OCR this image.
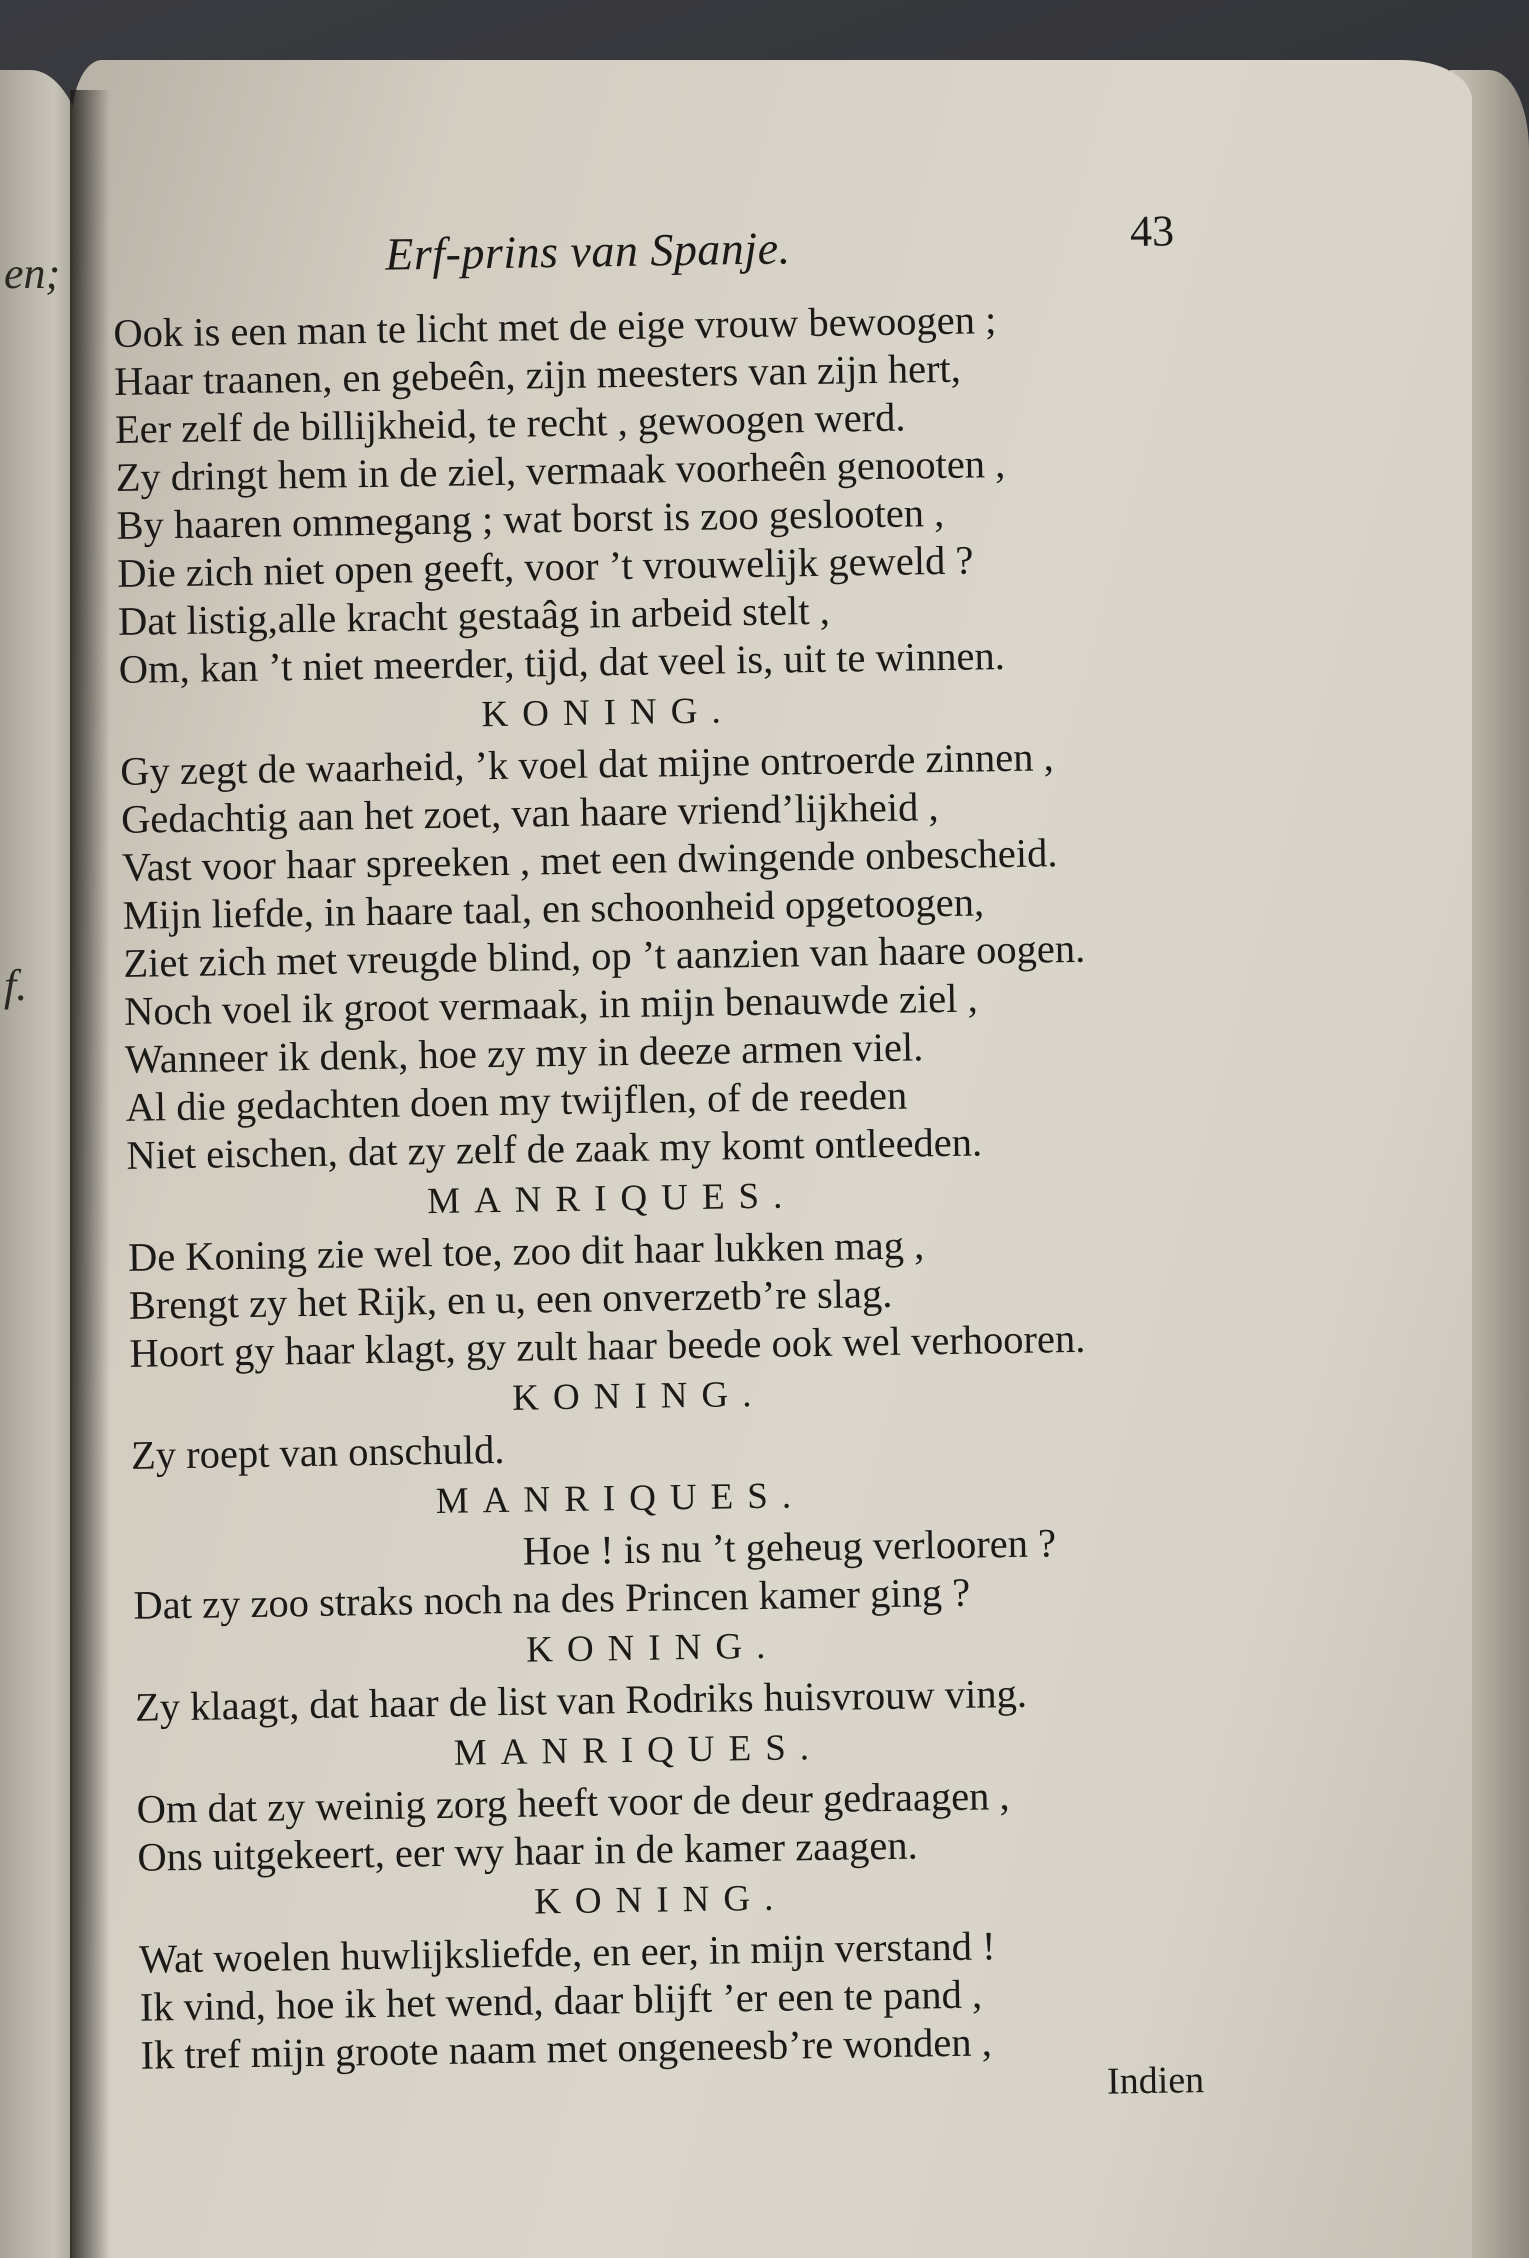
en;
f.
Erf-prins van Spanje.	43
Ook is een man te licht met de eige vrouw bewoogen ;
Haar traanen, en gebeên, zijn meesters van zijn hert,
Eer zelf de billijkheid, te recht , gewoogen werd.
Zy dringt hem in de ziel, vermaak voorheên genooten ,
By haaren ommegang ; wat borst is zoo geslooten ,
Die zich niet open geeft, voor ’t vrouwelijk geweld ?
Dat listig,alle kracht gestaâg in arbeid stelt ,
Om, kan ’t niet meerder, tijd, dat veel is, uit te winnen.
KONING.
Gy zegt de waarheid, ’k voel dat mijne ontroerde zinnen ,
Gedachtig aan het zoet, van haare vriend’lijkheid ,
Vast voor haar spreeken , met een dwingende onbescheid.
Mijn liefde, in haare taal, en schoonheid opgetoogen,
Ziet zich met vreugde blind, op ’t aanzien van haare oogen.
Noch voel ik groot vermaak, in mijn benauwde ziel ,
Wanneer ik denk, hoe zy my in deeze armen viel.
Al die gedachten doen my twijflen, of de reeden
Niet eischen, dat zy zelf de zaak my komt ontleeden.
MANRIQUES.
De Koning zie wel toe, zoo dit haar lukken mag ,
Brengt zy het Rijk, en u, een onverzetb’re slag.
Hoort gy haar klagt, gy zult haar beede ook wel verhooren.
KONING.
Zy roept van onschuld.
MANRIQUES.
Hoe ! is nu ’t geheug verlooren ?
Dat zy zoo straks noch na des Princen kamer ging ?
KONING.
Zy klaagt, dat haar de list van Rodriks huisvrouw ving.
MANRIQUES.
Om dat zy weinig zorg heeft voor de deur gedraagen ,
Ons uitgekeert, eer wy haar in de kamer zaagen.
KONING.
Wat woelen huwlijksliefde, en eer, in mijn verstand !
Ik vind, hoe ik het wend, daar blijft ’er een te pand ,
Ik tref mijn groote naam met ongeneesb’re wonden ,
Indien
